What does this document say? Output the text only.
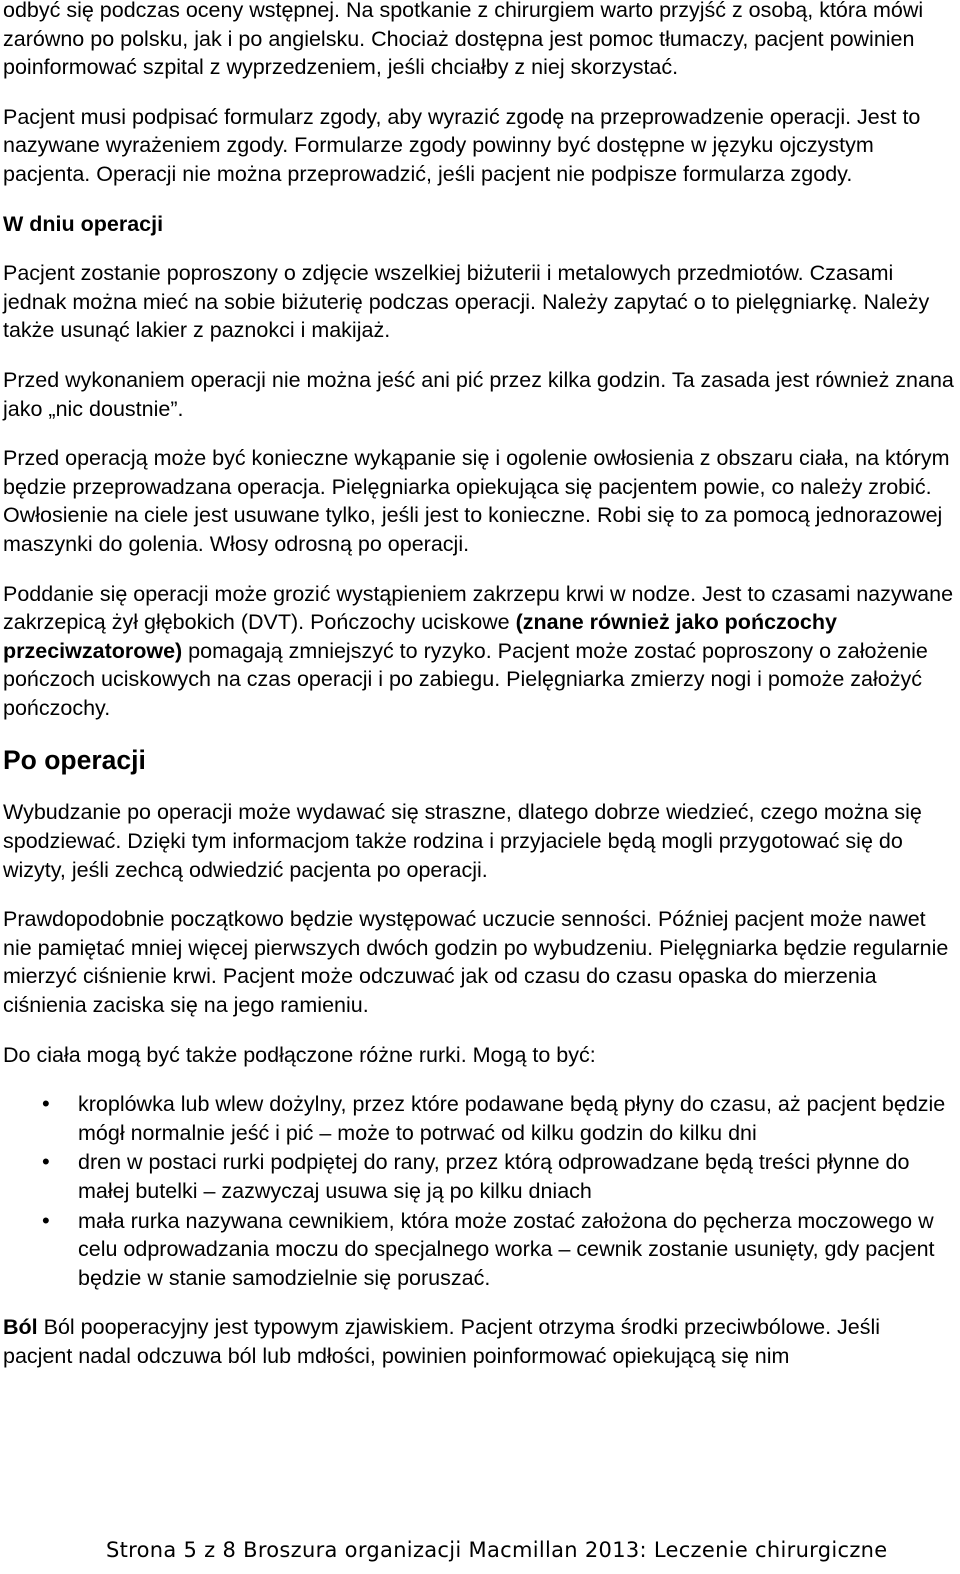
odbyć się podczas oceny wstępnej. Na spotkanie z chirurgiem warto przyjść z osobą, która mówi zarówno po polsku, jak i po angielsku. Chociaż dostępna jest pomoc tłumaczy, pacjent powinien poinformować szpital z wyprzedzeniem, jeśli chciałby z niej skorzystać.

Pacjent musi podpisać formularz zgody, aby wyrazić zgodę na przeprowadzenie operacji. Jest to nazywane wyrażeniem zgody. Formularze zgody powinny być dostępne w języku ojczystym pacjenta. Operacji nie można przeprowadzić, jeśli pacjent nie podpisze formularza zgody.

W dniu operacji

Pacjent zostanie poproszony o zdjęcie wszelkiej biżuterii i metalowych przedmiotów. Czasami jednak można mieć na sobie biżuterię podczas operacji. Należy zapytać o to pielęgniarkę. Należy także usunąć lakier z paznokci i makijaż.

Przed wykonaniem operacji nie można jeść ani pić przez kilka godzin. Ta zasada jest również znana jako „nic doustnie”.

Przed operacją może być konieczne wykąpanie się i ogolenie owłosienia z obszaru ciała, na którym będzie przeprowadzana operacja. Pielęgniarka opiekująca się pacjentem powie, co należy zrobić. Owłosienie na ciele jest usuwane tylko, jeśli jest to konieczne. Robi się to za pomocą jednorazowej maszynki do golenia. Włosy odrosną po operacji.

Poddanie się operacji może grozić wystąpieniem zakrzepu krwi w nodze. Jest to czasami nazywane zakrzepicą żył głębokich (DVT). Pończochy uciskowe (znane również jako pończochy przeciwzatorowe) pomagają zmniejszyć to ryzyko. Pacjent może zostać poproszony o założenie pończoch uciskowych na czas operacji i po zabiegu. Pielęgniarka zmierzy nogi i pomoże założyć pończochy.

Po operacji

Wybudzanie po operacji może wydawać się straszne, dlatego dobrze wiedzieć, czego można się spodziewać. Dzięki tym informacjom także rodzina i przyjaciele będą mogli przygotować się do wizyty, jeśli zechcą odwiedzić pacjenta po operacji.

Prawdopodobnie początkowo będzie występować uczucie senności. Później pacjent może nawet nie pamiętać mniej więcej pierwszych dwóch godzin po wybudzeniu. Pielęgniarka będzie regularnie mierzyć ciśnienie krwi. Pacjent może odczuwać jak od czasu do czasu opaska do mierzenia ciśnienia zaciska się na jego ramieniu.

Do ciała mogą być także podłączone różne rurki. Mogą to być:

• kroplówka lub wlew dożylny, przez które podawane będą płyny do czasu, aż pacjent będzie mógł normalnie jeść i pić – może to potrwać od kilku godzin do kilku dni
• dren w postaci rurki podpiętej do rany, przez którą odprowadzane będą treści płynne do małej butelki – zazwyczaj usuwa się ją po kilku dniach
• mała rurka nazywana cewnikiem, która może zostać założona do pęcherza moczowego w celu odprowadzania moczu do specjalnego worka – cewnik zostanie usunięty, gdy pacjent będzie w stanie samodzielnie się poruszać.

Ból Ból pooperacyjny jest typowym zjawiskiem. Pacjent otrzyma środki przeciwbólowe. Jeśli pacjent nadal odczuwa ból lub mdłości, powinien poinformować opiekującą się nim

Strona 5 z 8 Broszura organizacji Macmillan 2013: Leczenie chirurgiczne
